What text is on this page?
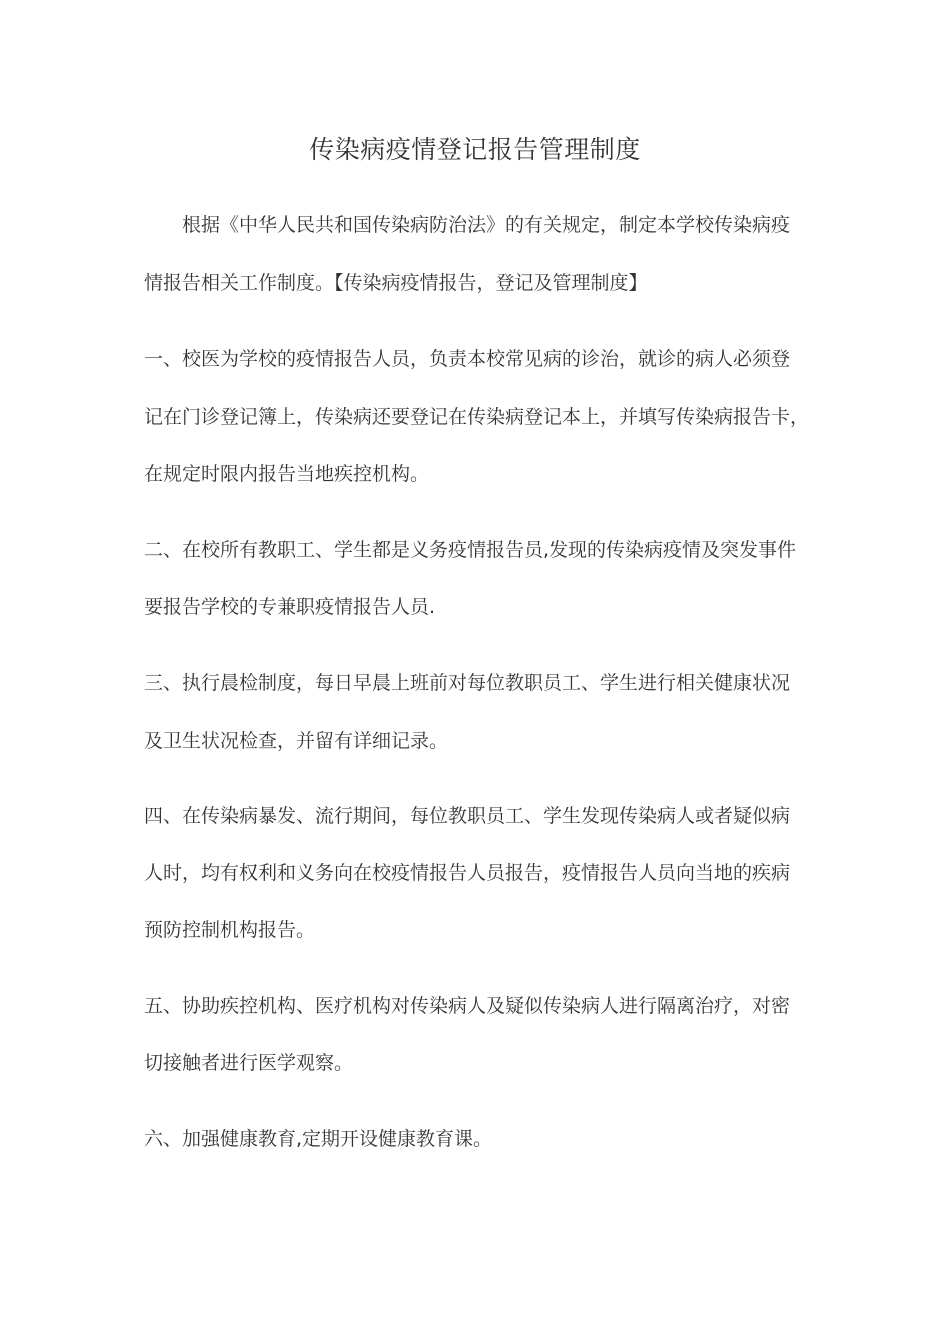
传染病疫情登记报告管理制度

根据《中华人民共和国传染病防治法》的有关规定，制定本学校传染病疫

情报告相关工作制度。【传染病疫情报告，登记及管理制度】

一、校医为学校的疫情报告人员，负责本校常见病的诊治，就诊的病人必须登

记在门诊登记簿上，传染病还要登记在传染病登记本上，并填写传染病报告卡，

在规定时限内报告当地疾控机构。

二、在校所有教职工、学生都是义务疫情报告员,发现的传染病疫情及突发事件

要报告学校的专兼职疫情报告人员.

三、执行晨检制度，每日早晨上班前对每位教职员工、学生进行相关健康状况

及卫生状况检查，并留有详细记录。

四、在传染病暴发、流行期间，每位教职员工、学生发现传染病人或者疑似病

人时，均有权利和义务向在校疫情报告人员报告，疫情报告人员向当地的疾病

预防控制机构报告。

五、协助疾控机构、医疗机构对传染病人及疑似传染病人进行隔离治疗，对密

切接触者进行医学观察。

六、加强健康教育,定期开设健康教育课。
